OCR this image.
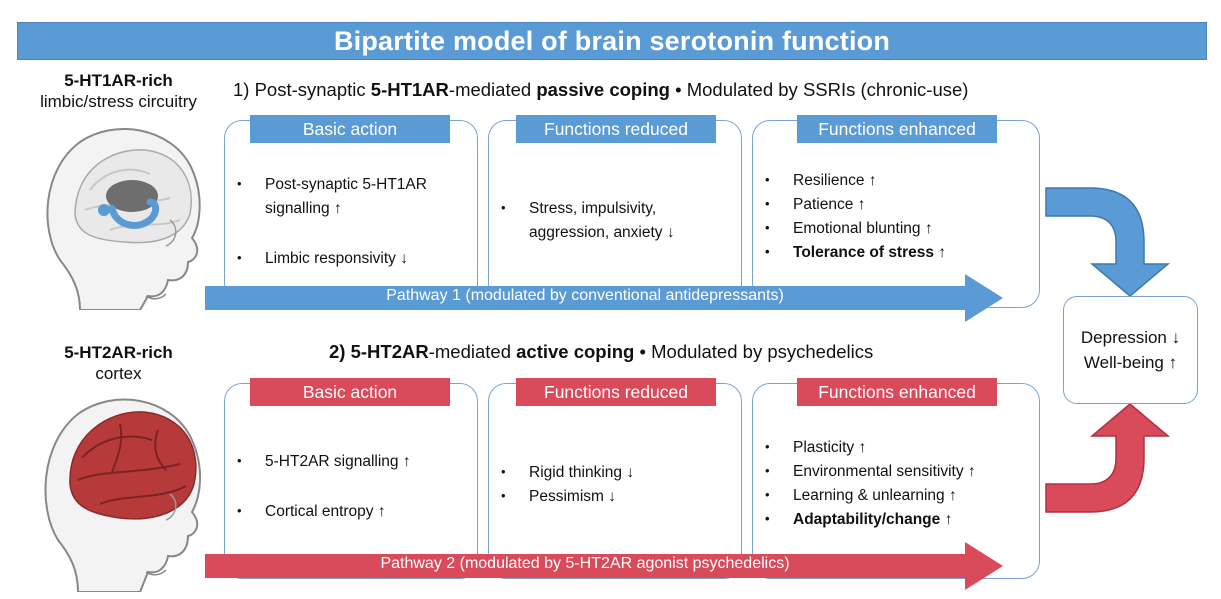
Bipartite model of brain serotonin function
5-HT1AR-rich
limbic/stress circuitry
1) Post-synaptic 5-HT1AR-mediated passive coping • Modulated by SSRIs (chronic-use)
Basic action
• Post-synaptic 5-HT1AR signalling ↑
• Limbic responsivity ↓
Functions reduced
• Stress, impulsivity, aggression, anxiety ↓
Functions enhanced
• Resilience ↑
• Patience ↑
• Emotional blunting ↑
• Tolerance of stress ↑
Pathway 1 (modulated by conventional antidepressants)
5-HT2AR-rich
cortex
2) 5-HT2AR-mediated active coping • Modulated by psychedelics
Basic action
• 5-HT2AR signalling ↑
• Cortical entropy ↑
Functions reduced
• Rigid thinking ↓
• Pessimism ↓
Functions enhanced
• Plasticity ↑
• Environmental sensitivity ↑
• Learning & unlearning ↑
• Adaptability/change ↑
Pathway 2 (modulated by 5-HT2AR agonist psychedelics)
Depression ↓
Well-being ↑
